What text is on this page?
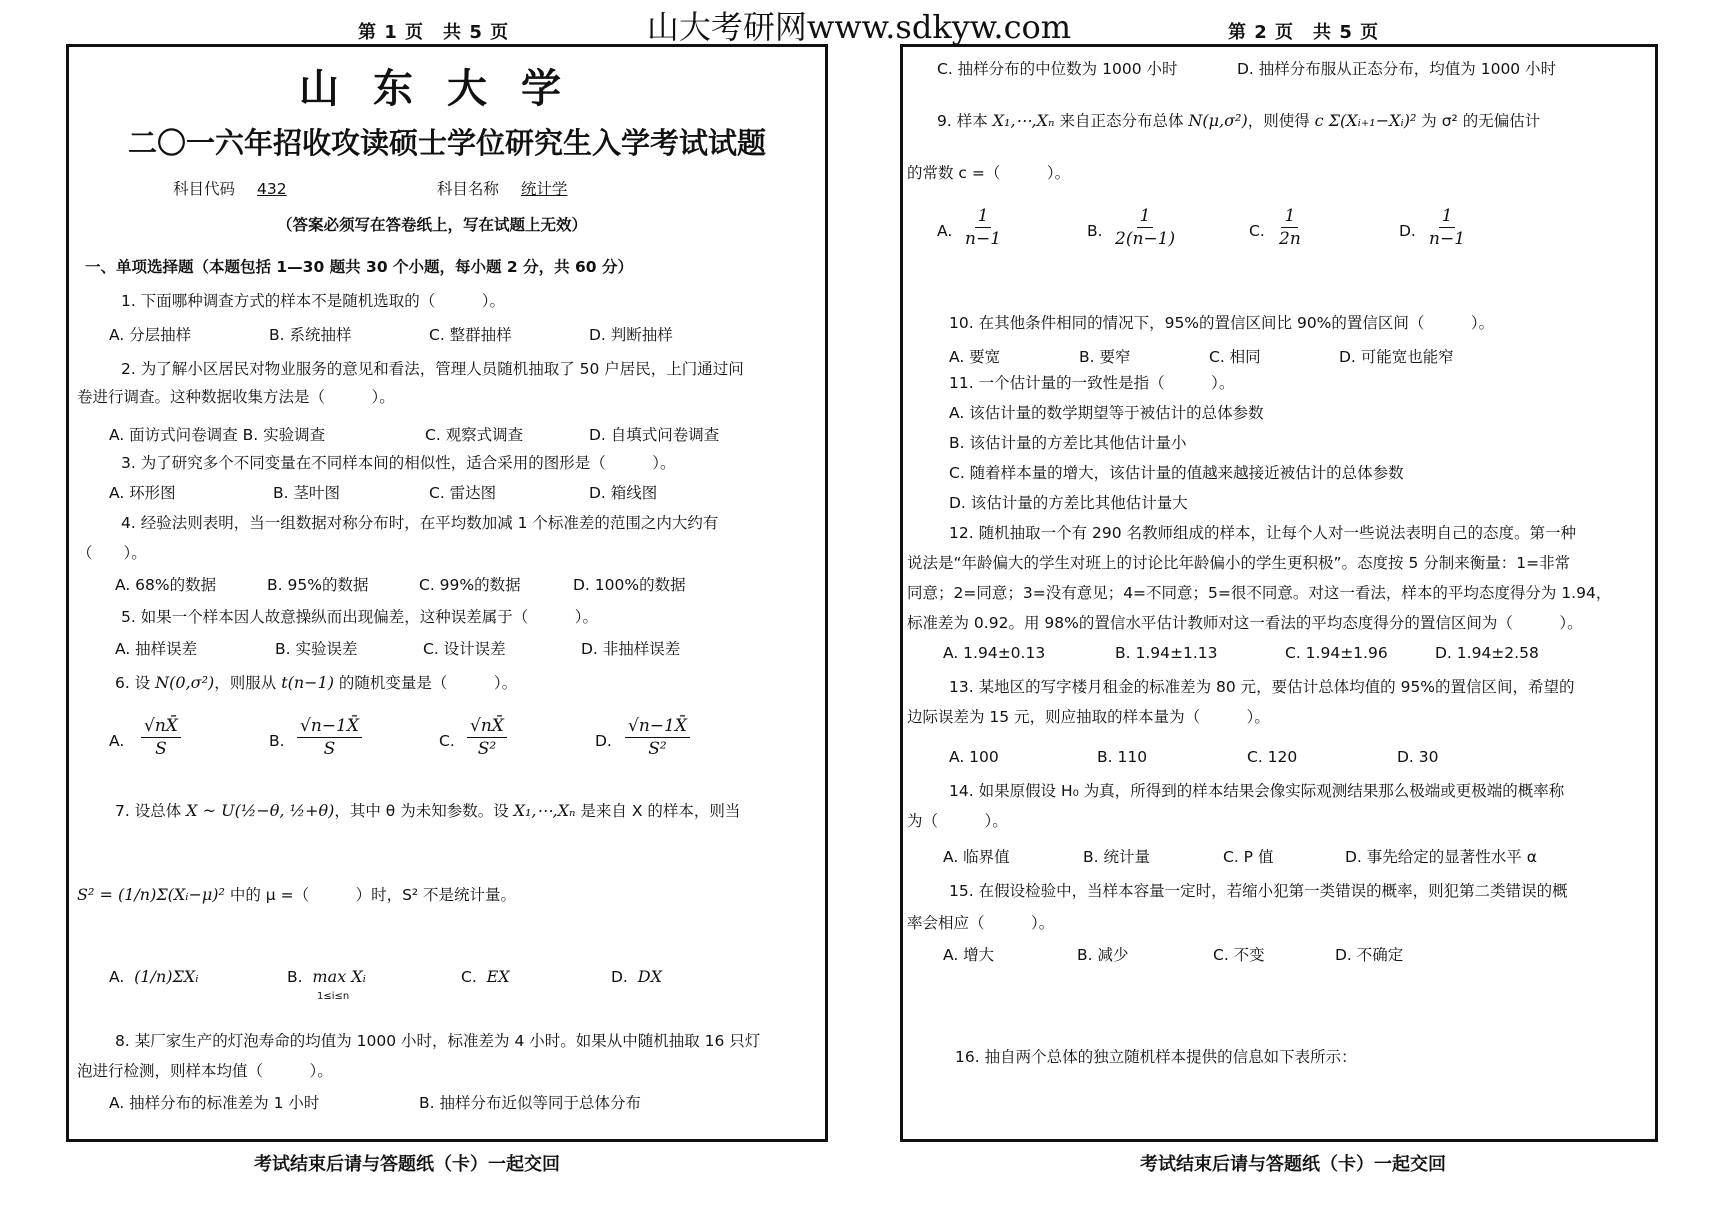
第 1 页　共 5 页	山大考研网www.sdkyw.com	第 2 页　共 5 页
山东大学
二〇一六年招收攻读硕士学位研究生入学考试试题
科目代码 432	科目名称 统计学
（答案必须写在答卷纸上，写在试题上无效）
一、单项选择题（本题包括 1—30 题共 30 个小题，每小题 2 分，共 60 分）
1. 下面哪种调查方式的样本不是随机选取的（　　　）。
A. 分层抽样	B. 系统抽样	C. 整群抽样	D. 判断抽样
2. 为了解小区居民对物业服务的意见和看法，管理人员随机抽取了 50 户居民，上门通过问
卷进行调查。这种数据收集方法是（　　　）。
A. 面访式问卷调查 B. 实验调查	C. 观察式调查	D. 自填式问卷调查
3. 为了研究多个不同变量在不同样本间的相似性，适合采用的图形是（　　　）。
A. 环形图	B. 茎叶图	C. 雷达图	D. 箱线图
4. 经验法则表明，当一组数据对称分布时，在平均数加减 1 个标准差的范围之内大约有
（　　）。
A. 68%的数据	B. 95%的数据	C. 99%的数据	D. 100%的数据
5. 如果一个样本因人故意操纵而出现偏差，这种误差属于（　　　）。
A. 抽样误差	B. 实验误差	C. 设计误差	D. 非抽样误差
6. 设 N(0,σ²)，则服从 t(n−1) 的随机变量是（　　　）。
A. $\frac{√nX̄}{S}$	B. $\frac{√n-1X̄}{S}$	C. $\frac{√nX̄}{\text{S²}}$	D. $\frac{√n-1X̄}{\text{S²}}$
7. 设总体 X ~ U(½−θ, ½+θ)，其中 θ 为未知参数。设 X₁,⋯,Xₙ 是来自 X 的样本，则当
S² = (1/n)Σ(Xᵢ−μ)² 中的 μ =（　　　）时，S² 不是统计量。
A. (1/n)ΣXᵢ	B. max Xᵢ
1≤i≤n
C. EX	D. DX
8. 某厂家生产的灯泡寿命的均值为 1000 小时，标准差为 4 小时。如果从中随机抽取 16 只灯
泡进行检测，则样本均值（　　　）。
A. 抽样分布的标准差为 1 小时	B. 抽样分布近似等同于总体分布
C. 抽样分布的中位数为 1000 小时	D. 抽样分布服从正态分布，均值为 1000 小时
9. 样本 X₁,⋯,Xₙ 来自正态分布总体 N(μ,σ²)，则使得 c Σ(Xᵢ₊₁−Xᵢ)² 为 σ² 的无偏估计
的常数 c =（　　　）。
A. $\frac{1}{n-1}$	B. $\frac{1}{2(n-1)}$	C. $\frac{1}{2n}$	D. $\frac{1}{n-1}$
10. 在其他条件相同的情况下，95%的置信区间比 90%的置信区间（　　　）。
A. 要宽	B. 要窄	C. 相同	D. 可能宽也能窄
11. 一个估计量的一致性是指（　　　）。
A. 该估计量的数学期望等于被估计的总体参数
B. 该估计量的方差比其他估计量小
C. 随着样本量的增大，该估计量的值越来越接近被估计的总体参数
D. 该估计量的方差比其他估计量大
12. 随机抽取一个有 290 名教师组成的样本，让每个人对一些说法表明自己的态度。第一种
说法是“年龄偏大的学生对班上的讨论比年龄偏小的学生更积极”。态度按 5 分制来衡量：1=非常
同意；2=同意；3=没有意见；4=不同意；5=很不同意。对这一看法，样本的平均态度得分为 1.94，
标准差为 0.92。用 98%的置信水平估计教师对这一看法的平均态度得分的置信区间为（　　　）。
A. 1.94±0.13	B. 1.94±1.13	C. 1.94±1.96	D. 1.94±2.58
13. 某地区的写字楼月租金的标准差为 80 元，要估计总体均值的 95%的置信区间，希望的
边际误差为 15 元，则应抽取的样本量为（　　　）。
A. 100	B. 110	C. 120	D. 30
14. 如果原假设 H₀ 为真，所得到的样本结果会像实际观测结果那么极端或更极端的概率称
为（　　　）。
A. 临界值	B. 统计量	C. P 值	D. 事先给定的显著性水平 α
15. 在假设检验中，当样本容量一定时，若缩小犯第一类错误的概率，则犯第二类错误的概
率会相应（　　　）。
A. 增大	B. 减少	C. 不变	D. 不确定
16. 抽自两个总体的独立随机样本提供的信息如下表所示：
考试结束后请与答题纸（卡）一起交回	考试结束后请与答题纸（卡）一起交回
